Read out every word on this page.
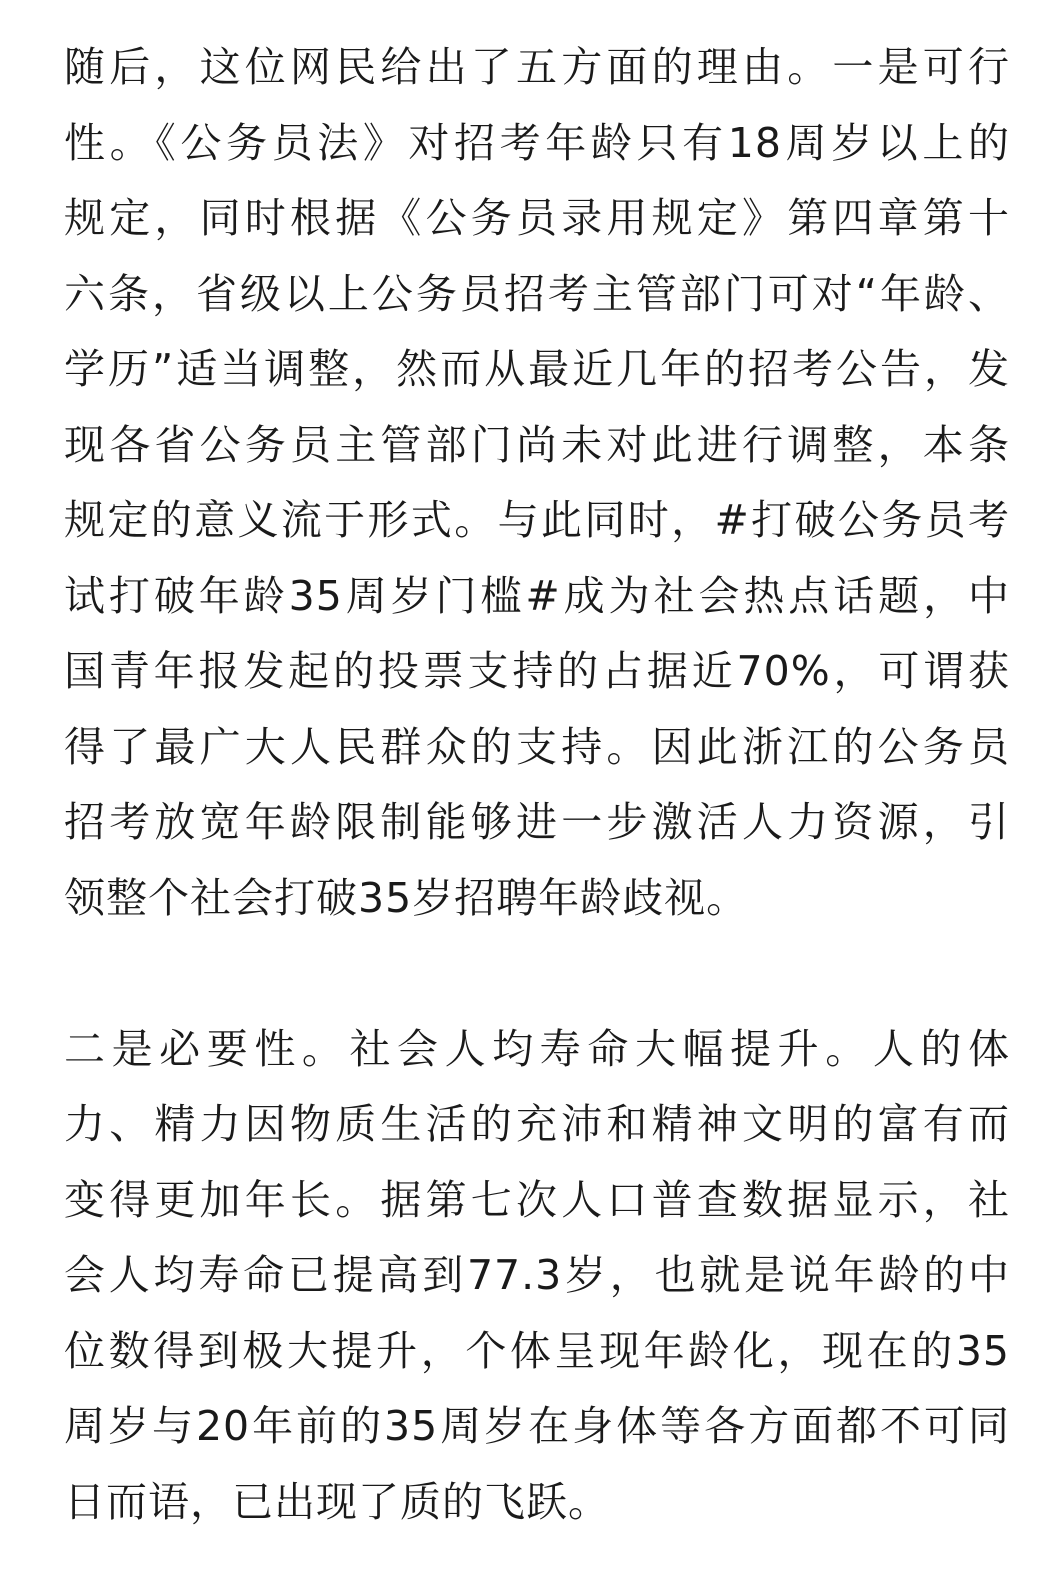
随后，这位网民给出了五方面的理由。一是可行
性。《公务员法》对招考年龄只有18周岁以上的
规定，同时根据《公务员录用规定》第四章第十
六条，省级以上公务员招考主管部门可对“年龄、
学历”适当调整，然而从最近几年的招考公告，发
现各省公务员主管部门尚未对此进行调整，本条
规定的意义流于形式。与此同时，#打破公务员考
试打破年龄35周岁门槛#成为社会热点话题，中
国青年报发起的投票支持的占据近70%，可谓获
得了最广大人民群众的支持。因此浙江的公务员
招考放宽年龄限制能够进一步激活人力资源，引
领整个社会打破35岁招聘年龄歧视。
二是必要性。社会人均寿命大幅提升。人的体
力、精力因物质生活的充沛和精神文明的富有而
变得更加年长。据第七次人口普查数据显示，社
会人均寿命已提高到77.3岁，也就是说年龄的中
位数得到极大提升，个体呈现年龄化，现在的35
周岁与20年前的35周岁在身体等各方面都不可同
日而语，已出现了质的飞跃。
